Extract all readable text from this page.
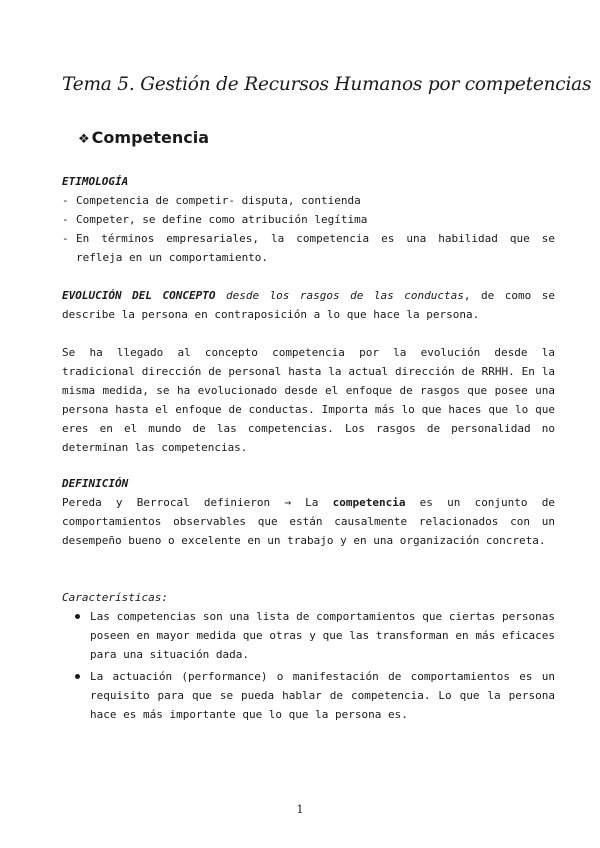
Tema 5. Gestión de Recursos Humanos por competencias
❖ Competencia
ETIMOLOGÍA
- Competencia de competir- disputa, contienda
- Competer, se define como atribución legítima
- En términos empresariales, la competencia es una habilidad que se refleja en un comportamiento.
EVOLUCIÓN DEL CONCEPTO desde los rasgos de las conductas, de como se describe la persona en contraposición a lo que hace la persona.
Se ha llegado al concepto competencia por la evolución desde la tradicional dirección de personal hasta la actual dirección de RRHH. En la misma medida, se ha evolucionado desde el enfoque de rasgos que posee una persona hasta el enfoque de conductas. Importa más lo que haces que lo que eres en el mundo de las competencias. Los rasgos de personalidad no determinan las competencias.
DEFINICIÓN
Pereda y Berrocal definieron → La competencia es un conjunto de comportamientos observables que están causalmente relacionados con un desempeño bueno o excelente en un trabajo y en una organización concreta.
Características:
Las competencias son una lista de comportamientos que ciertas personas poseen en mayor medida que otras y que las transforman en más eficaces para una situación dada.
La actuación (performance) o manifestación de comportamientos es un requisito para que se pueda hablar de competencia. Lo que la persona hace es más importante que lo que la persona es.
1
